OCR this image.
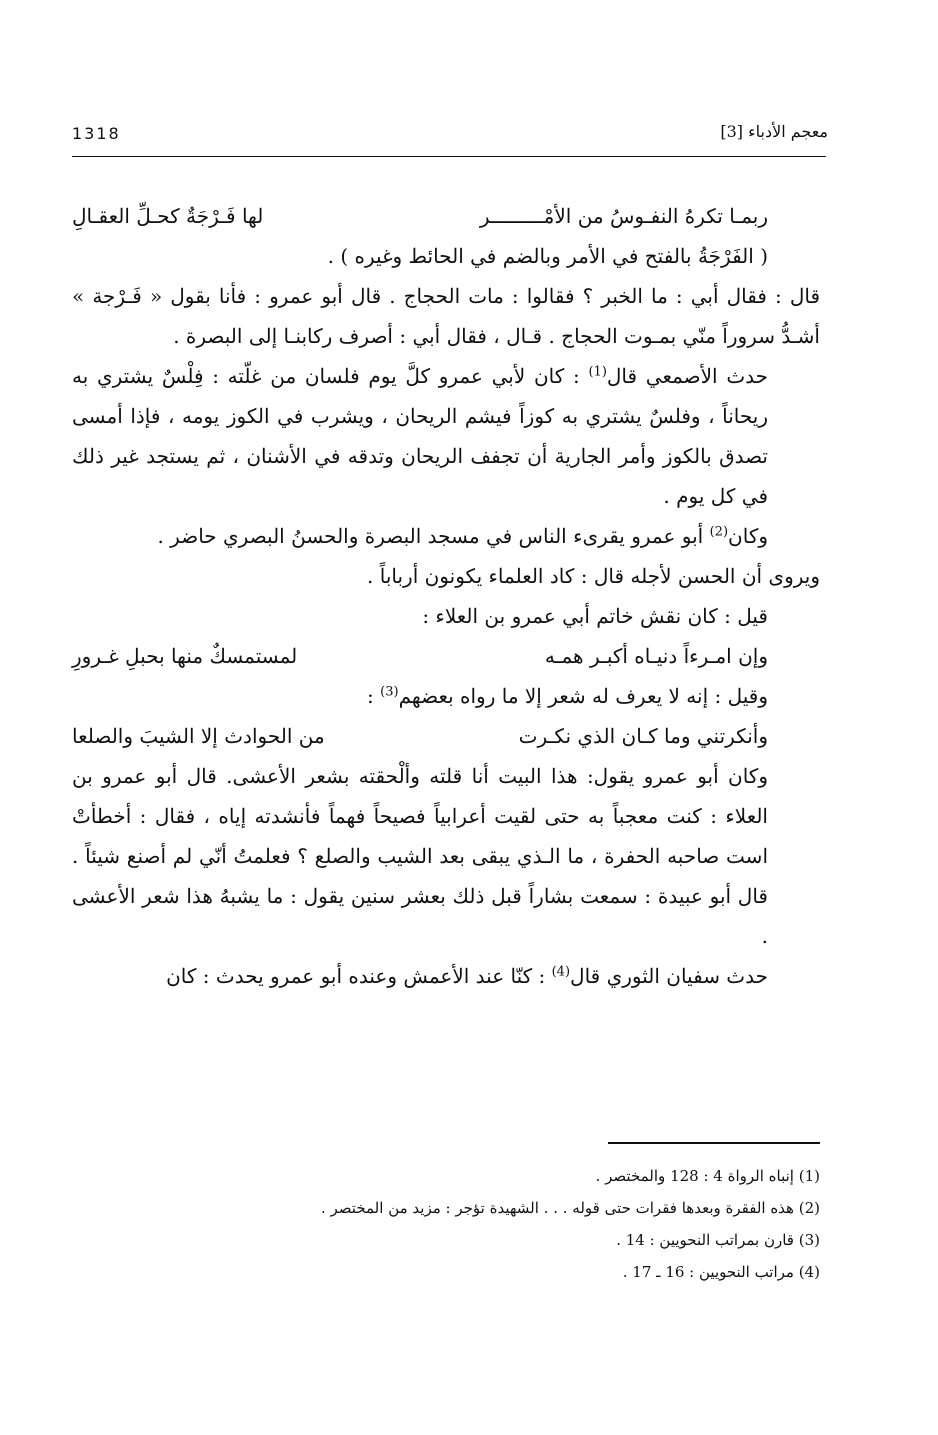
1318	معجم الأدباء [3]
ربمـا تكرهُ النفـوسُ من الأمْـــــــــر
لها فَـرْجَةٌ كحـلِّ العقـالِ

( الفَرْجَةُ بالفتح في الأمر وبالضم في الحائط وغيره ) .

قال : فقال أبي : ما الخبر ؟ فقالوا : مات الحجاج . قال أبو عمرو : فأنا بقول « فَـرْجة » أشـدُّ سروراً منّي بمـوت الحجاج . قـال ، فقال أبي : أصرف ركابنـا إلى البصرة .

حدث الأصمعي قال$^{(1)}$ : كان لأبي عمرو كلَّ يوم فلسان من غلّته : فِلْسٌ يشتري به ريحاناً ، وفلسٌ يشتري به كوزاً فيشم الريحان ، ويشرب في الكوز يومه ، فإذا أمسى تصدق بالكوز وأمر الجارية أن تجفف الريحان وتدقه في الأشنان ، ثم يستجد غير ذلك في كل يوم .

وكان$^{(2)}$ أبو عمرو يقرىء الناس في مسجد البصرة والحسنُ البصري حاضر .

ويروى أن الحسن لأجله قال : كاد العلماء يكونون أرباباً .

قيل : كان نقش خاتم أبي عمرو بن العلاء :

وإن امـرءاً دنيـاه أكبـر همـه
لمستمسكٌ منها بحبلِ غـرورِ

وقيل : إنه لا يعرف له شعر إلا ما رواه بعضهم$^{(3)}$ :

وأنكرتني وما كـان الذي نكـرت
من الحوادث إلا الشيبَ والصلعا

وكان أبو عمرو يقول: هذا البيت أنا قلته وألْحقته بشعر الأعشى. قال أبو عمرو بن العلاء : كنت معجباً به حتى لقيت أعرابياً فصيحاً فهماً فأنشدته إياه ، فقال : أخطأتْ است صاحبه الحفرة ، ما الـذي يبقى بعد الشيب والصلع ؟ فعلمتُ أنّي لم أصنع شيئاً . قال أبو عبيدة : سمعت بشاراً قبل ذلك بعشر سنين يقول : ما يشبهُ هذا شعر الأعشى .

حدث سفيان الثوري قال$^{(4)}$ : كنّا عند الأعمش وعنده أبو عمرو يحدث : كان

(1) إنباه الرواة 4 : 128 والمختصر .

(2) هذه الفقرة وبعدها فقرات حتى قوله . . . الشهيدة تؤجر : مزيد من المختصر .

(3) قارن بمراتب النحويين : 14 .

(4) مراتب النحويين : 16 ـ 17 .
